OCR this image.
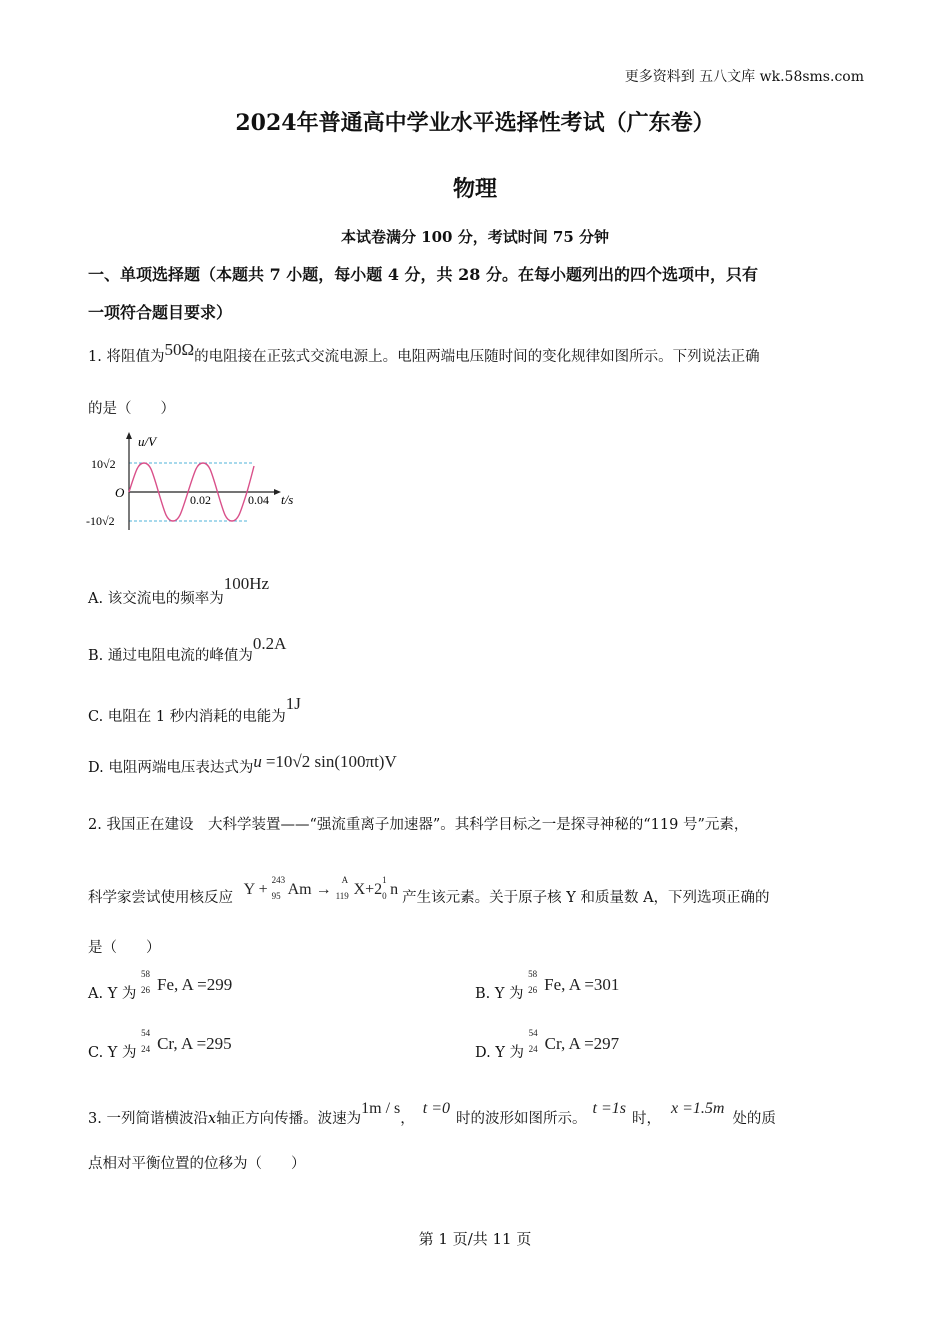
更多资料到 五八文库 wk.58sms.com
2024年普通高中学业水平选择性考试（广东卷）
物理
本试卷满分 100 分，考试时间 75 分钟
一、单项选择题（本题共 7 小题，每小题 4 分，共 28 分。在每小题列出的四个选项中，只有
一项符合题目要求）
1. 将阻值为50Ω的电阻接在正弦式交流电源上。电阻两端电压随时间的变化规律如图所示。下列说法正确
的是（　　）
u/V
O
10√2
-10√2
0.02	0.04 t/s
A. 该交流电的频率为100Hz
B. 通过电阻电流的峰值为0.2A
C. 电阻在 1 秒内消耗的电能为1J
D. 电阻两端电压表达式为u =10√2 sin(100πt)V
2. 我国正在建设　大科学装置——“强流重离子加速器”。其科学目标之一是探寻神秘的“119 号”元素，
科学家尝试使用核反应 Y +
243
95 Am →
A
119 X+2
1
0 n 产生该元素。关于原子核 Y 和质量数 A，下列选项正确的
是（　　）
A. Y 为
58
26 Fe, A =299	B. Y 为
58
26 Fe, A =301
C. Y 为
54
24 Cr, A =295	D. Y 为
54
24 Cr, A =297
3. 一列简谐横波沿x轴正方向传播。波速为1m / s，t =0时的波形如图所示。t =1s时，x =1.5m处的质
点相对平衡位置的位移为（　　）
第 1 页/共 11 页
